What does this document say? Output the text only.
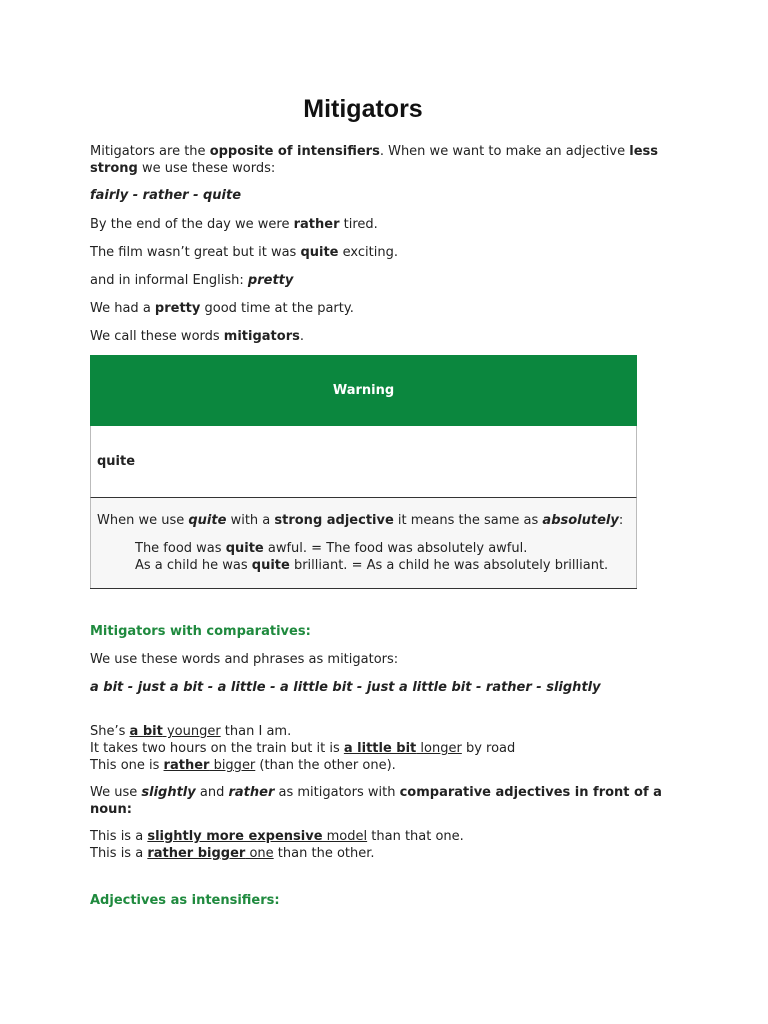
Mitigators

Mitigators are the opposite of intensifiers. When we want to make an adjective less strong we use these words:

fairly - rather - quite

By the end of the day we were rather tired.

The film wasn’t great but it was quite exciting.

and in informal English: pretty

We had a pretty good time at the party.

We call these words mitigators.

Warning
quite

When we use quite with a strong adjective it means the same as absolutely:

The food was quite awful. = The food was absolutely awful.

As a child he was quite brilliant. = As a child he was absolutely brilliant.

Mitigators with comparatives:

We use these words and phrases as mitigators:

a bit - just a bit - a little - a little bit - just a little bit - rather - slightly

She’s a bit younger than I am.

It takes two hours on the train but it is a little bit longer by road

This one is rather bigger (than the other one).

We use slightly and rather as mitigators with comparative adjectives in front of a noun:

This is a slightly more expensive model than that one.

This is a rather bigger one than the other.

Adjectives as intensifiers:
